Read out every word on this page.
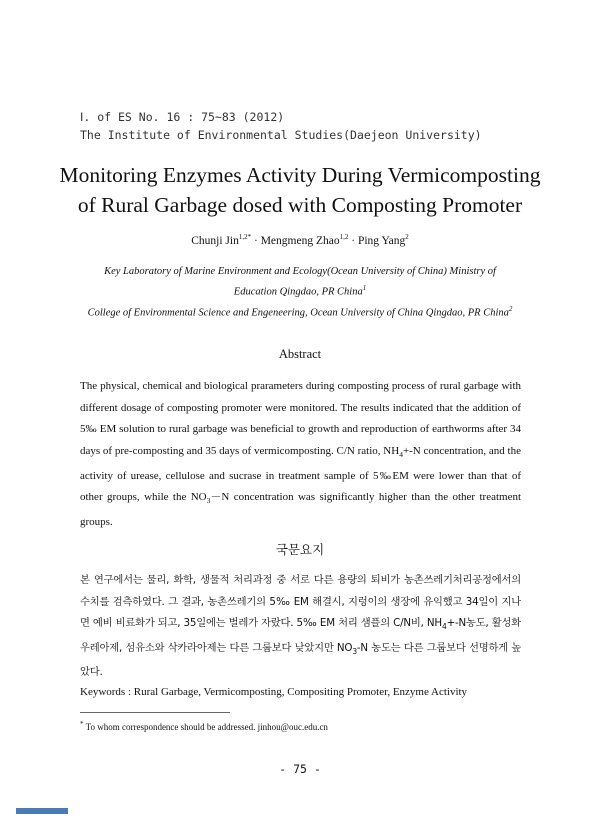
Ⅰ. of ES No. 16 : 75~83 (2012)
The Institute of Environmental Studies(Daejeon University)
Monitoring Enzymes Activity During Vermicomposting
of Rural Garbage dosed with Composting Promoter
Chunji Jin$^{1,2*}$ · Mengmeng Zhao$^{1,2}$ · Ping Yang$^2$
Key Laboratory of Marine Environment and Ecology(Ocean University of China) Ministry of
Education Qingdao, PR China$^1$
College of Environmental Science and Engeneering, Ocean University of China Qingdao, PR China$^2$
Abstract
The physical, chemical and biological prarameters during composting process of rural garbage with different dosage of composting promoter were monitored. The results indicated that the addition of 5‰ EM solution to rural garbage was beneficial to growth and reproduction of earthworms after 34 days of pre-composting and 35 days of vermicomposting. C/N ratio, $NH_4+-N$ concentration, and the activity of urease, cellulose and sucrase in treatment sample of 5‰EM were lower than that of other groups, while the $NO_3-N$ concentration was significantly higher than the other treatment groups.
국문요지
본 연구에서는 물리, 화학, 생물적 처리과정 중 서로 다른 용량의 퇴비가 농촌쓰레기처리공정에서의 수치를 검측하였다. 그 결과, 농촌쓰레기의 5‰ EM 해결시, 지렁이의 생장에 유익했고 34일이 지나면 예비 비료화가 되고, 35일에는 벌레가 자랐다. 5‰ EM 처리 샘플의 C/N비, $NH_4+-N$농도, 활성화 우레아제, 섬유소와 삭카라아제는 다른 그룹보다 낮았지만 $NO_3-N$ 농도는 다른 그룹보다 선명하게 높았다.
Keywords : Rural Garbage, Vermicomposting, Compositing Promoter, Enzyme Activity
* To whom correspondence should be addressed. jinhou@ouc.edu.cn
- 75 -
